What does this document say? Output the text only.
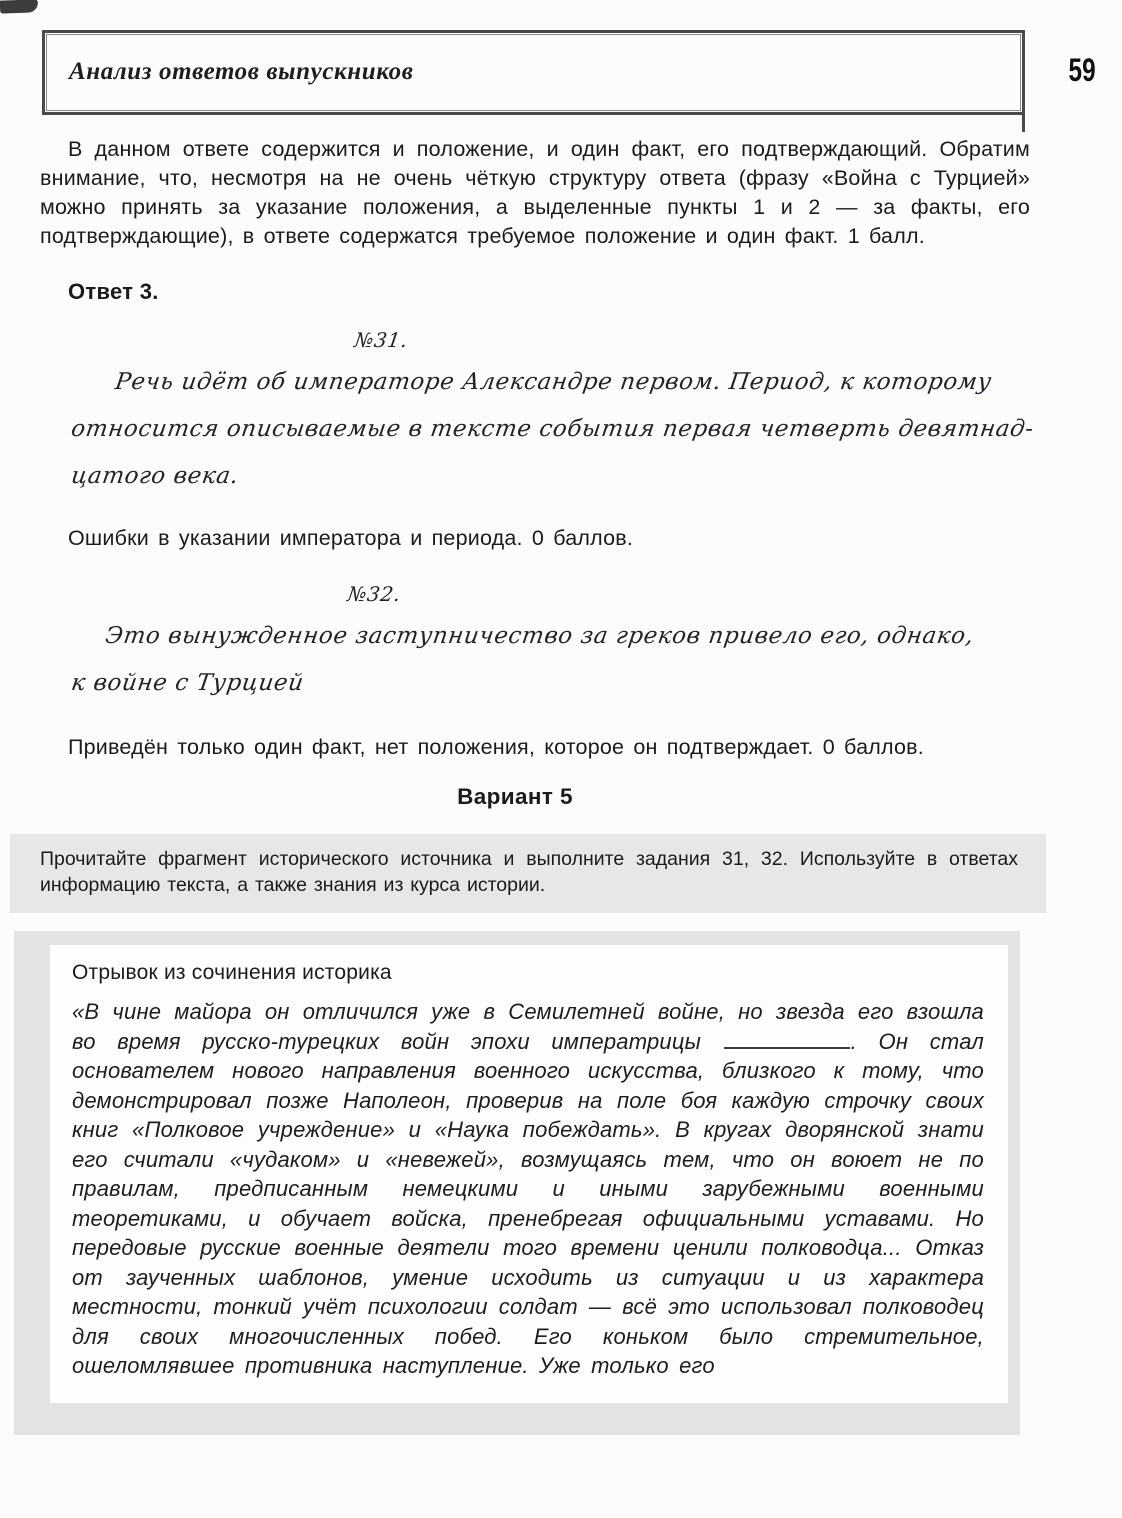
Анализ ответов выпускников	59

В данном ответе содержится и положение, и один факт, его подтверждающий. Обратим внимание, что, несмотря на не очень чёткую структуру ответа (фразу «Война с Турцией» можно принять за указание положения, а выделенные пункты 1 и 2 — за факты, его подтверждающие), в ответе содержатся требуемое положение и один факт. 1 балл.

Ответ 3.
№31.
Речь идёт об императоре Александре первом. Период, к которому
относится описываемые в тексте события первая четверть девятнад-
цатого века.

Ошибки в указании императора и периода. 0 баллов.

№32.
Это вынужденное заступничество за греков привело его, однако,
к войне с Турцией

Приведён только один факт, нет положения, которое он подтверждает. 0 баллов.

Вариант 5

Прочитайте фрагмент исторического источника и выполните задания 31, 32. Используйте в ответах информацию текста, а также знания из курса истории.

Отрывок из сочинения историка

«В чине майора он отличился уже в Семилетней войне, но звезда его взошла во время русско-турецких войн эпохи императрицы	. Он стал основателем нового направления военного искусства, близкого к тому, что демонстрировал позже Наполеон, проверив на поле боя каждую строчку своих книг «Полковое учреждение» и «Наука побеждать». В кругах дворянской знати его считали «чудаком» и «невежей», возмущаясь тем, что он воюет не по правилам, предписанным немецкими и иными зарубежными военными теоретиками, и обучает войска, пренебрегая официальными уставами. Но передовые русские военные деятели того времени ценили полководца... Отказ от заученных шаблонов, умение исходить из ситуации и из характера местности, тонкий учёт психологии солдат — всё это использовал полководец для своих многочисленных побед. Его коньком было стремительное, ошеломлявшее противника наступление. Уже только его
